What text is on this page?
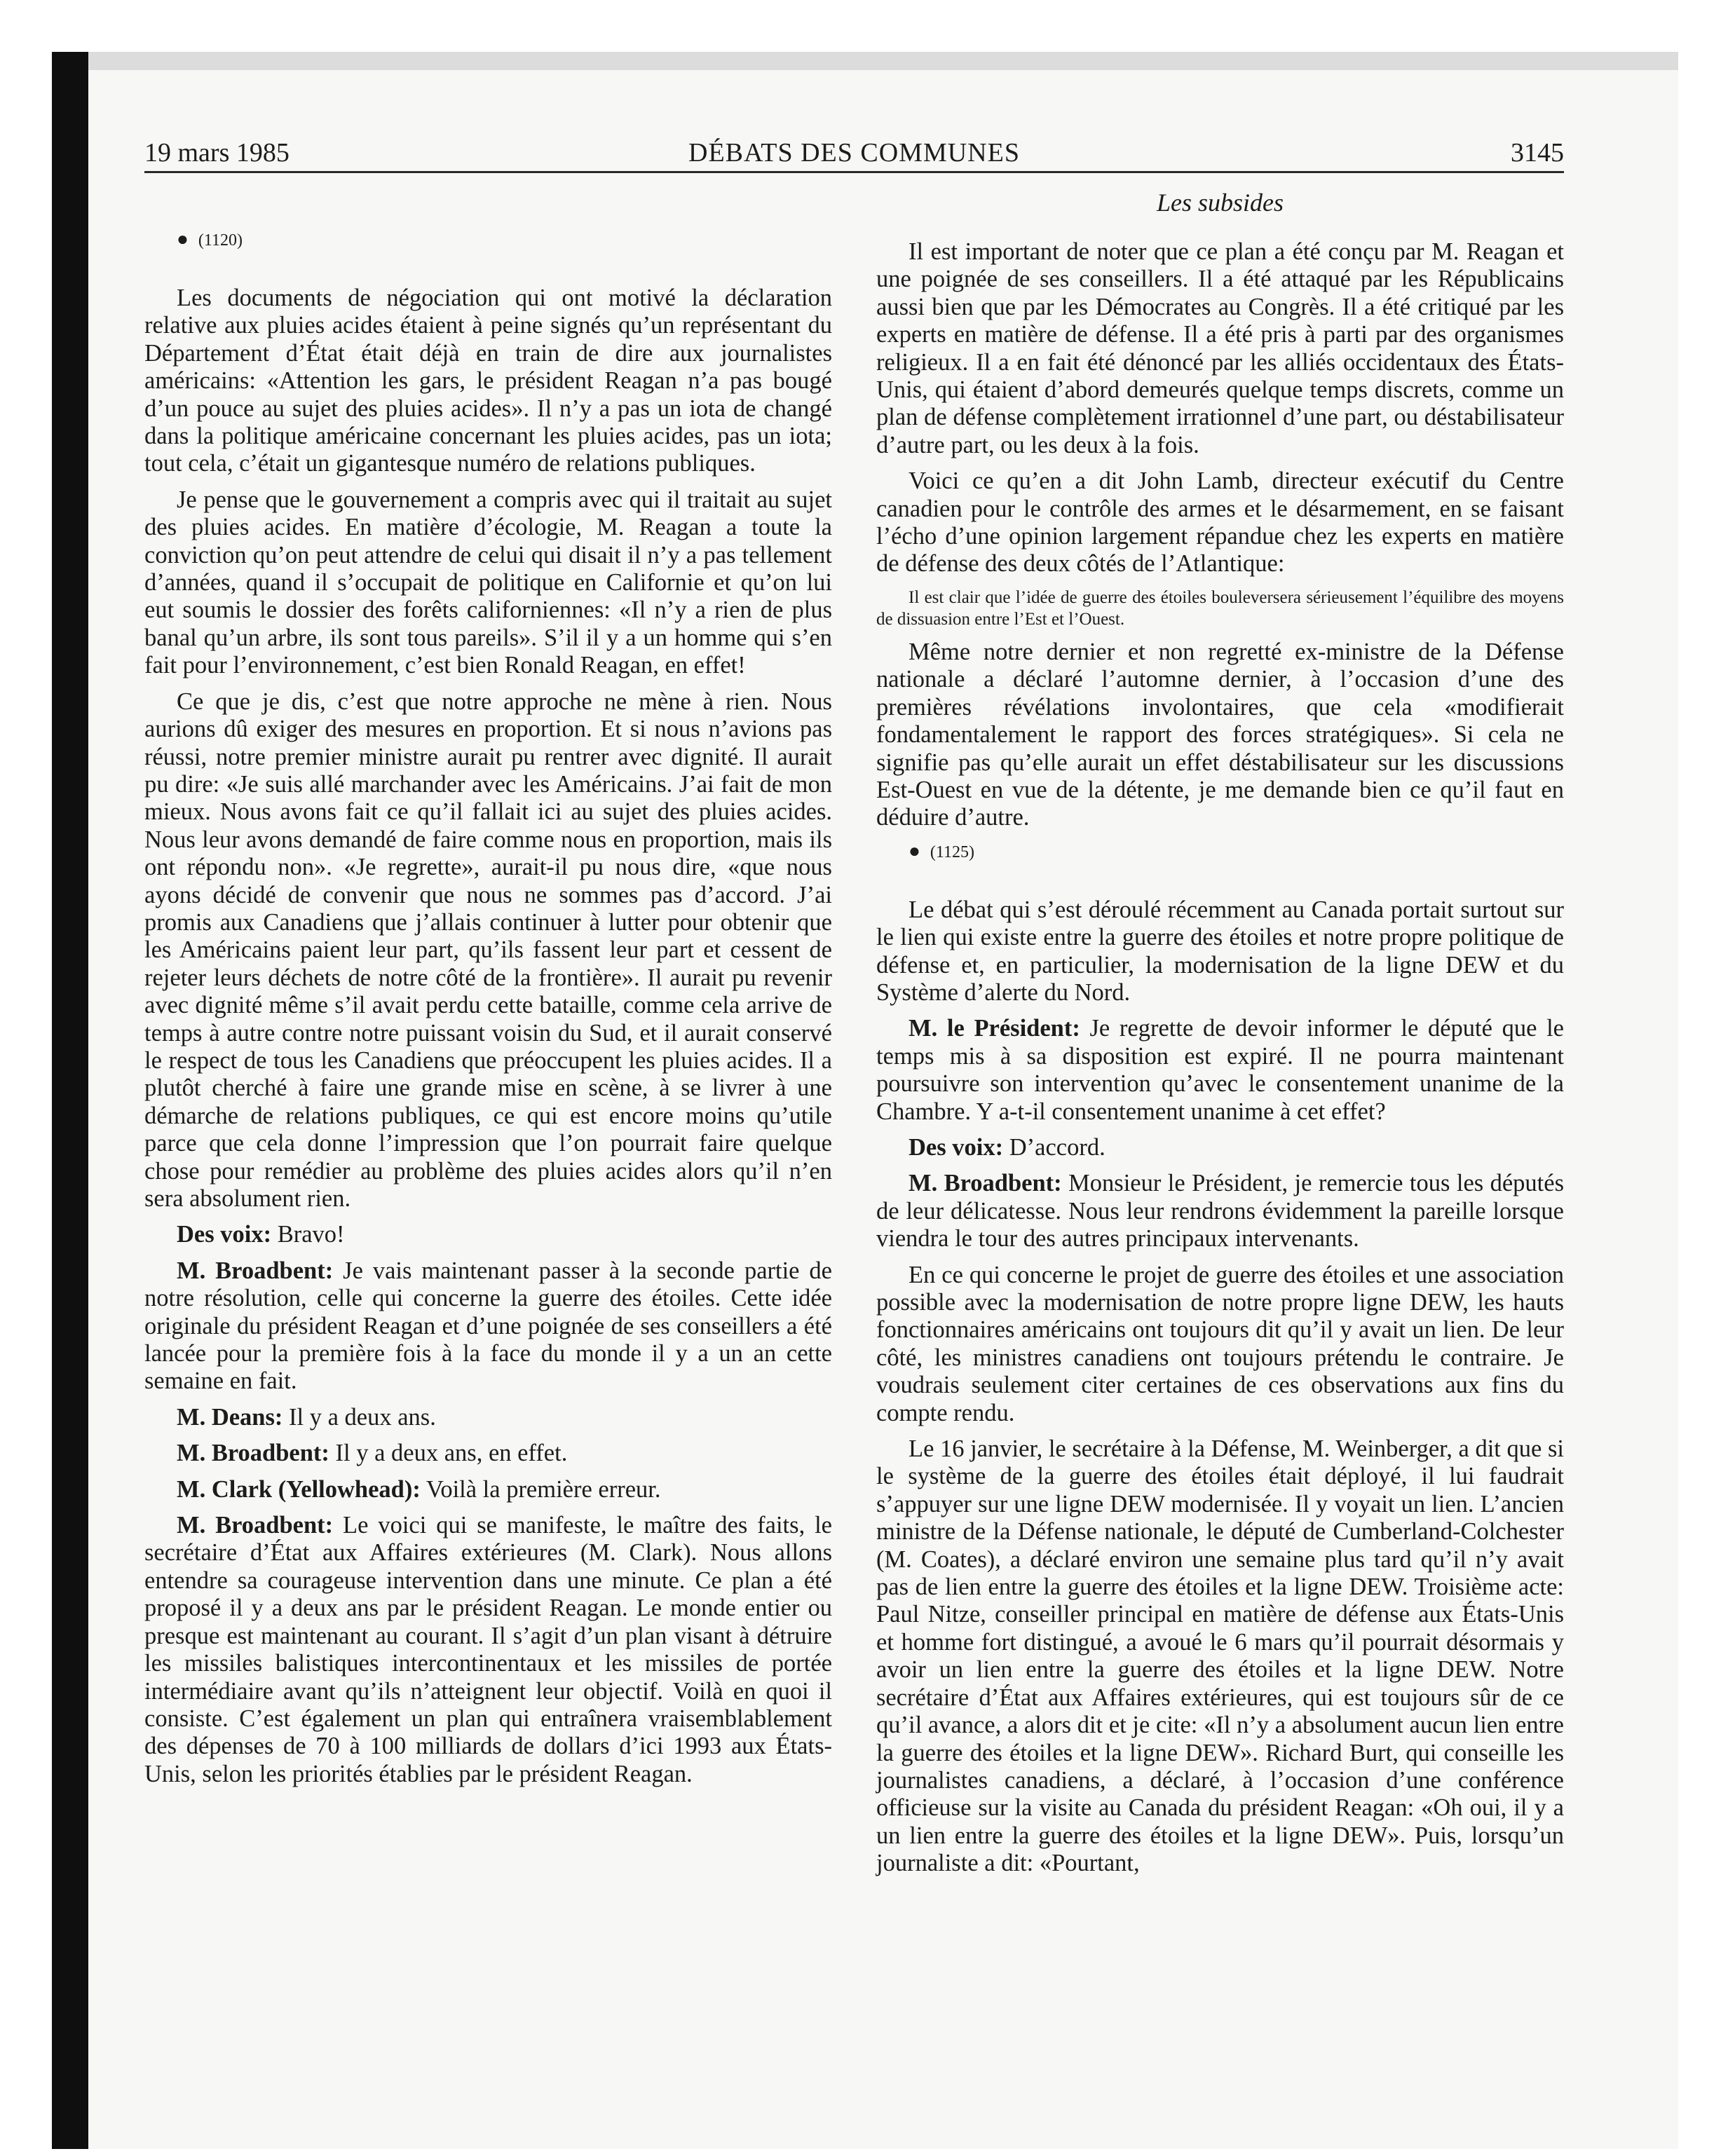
19 mars 1985	DÉBATS DES COMMUNES	3145
Les subsides

● (1120)

Les documents de négociation qui ont motivé la déclaration relative aux pluies acides étaient à peine signés qu’un représentant du Département d’État était déjà en train de dire aux journalistes américains: «Attention les gars, le président Reagan n’a pas bougé d’un pouce au sujet des pluies acides». Il n’y a pas un iota de changé dans la politique américaine concernant les pluies acides, pas un iota; tout cela, c’était un gigantesque numéro de relations publiques.

Je pense que le gouvernement a compris avec qui il traitait au sujet des pluies acides. En matière d’écologie, M. Reagan a toute la conviction qu’on peut attendre de celui qui disait il n’y a pas tellement d’années, quand il s’occupait de politique en Californie et qu’on lui eut soumis le dossier des forêts californiennes: «Il n’y a rien de plus banal qu’un arbre, ils sont tous pareils». S’il il y a un homme qui s’en fait pour l’environnement, c’est bien Ronald Reagan, en effet!

Ce que je dis, c’est que notre approche ne mène à rien. Nous aurions dû exiger des mesures en proportion. Et si nous n’avions pas réussi, notre premier ministre aurait pu rentrer avec dignité. Il aurait pu dire: «Je suis allé marchander avec les Américains. J’ai fait de mon mieux. Nous avons fait ce qu’il fallait ici au sujet des pluies acides. Nous leur avons demandé de faire comme nous en proportion, mais ils ont répondu non». «Je regrette», aurait-il pu nous dire, «que nous ayons décidé de convenir que nous ne sommes pas d’accord. J’ai promis aux Canadiens que j’allais continuer à lutter pour obtenir que les Américains paient leur part, qu’ils fassent leur part et cessent de rejeter leurs déchets de notre côté de la frontière». Il aurait pu revenir avec dignité même s’il avait perdu cette bataille, comme cela arrive de temps à autre contre notre puissant voisin du Sud, et il aurait conservé le respect de tous les Canadiens que préoccupent les pluies acides. Il a plutôt cherché à faire une grande mise en scène, à se livrer à une démarche de relations publiques, ce qui est encore moins qu’utile parce que cela donne l’impression que l’on pourrait faire quelque chose pour remédier au problème des pluies acides alors qu’il n’en sera absolument rien.

Des voix: Bravo!

M. Broadbent: Je vais maintenant passer à la seconde partie de notre résolution, celle qui concerne la guerre des étoiles. Cette idée originale du président Reagan et d’une poignée de ses conseillers a été lancée pour la première fois à la face du monde il y a un an cette semaine en fait.

M. Deans: Il y a deux ans.

M. Broadbent: Il y a deux ans, en effet.

M. Clark (Yellowhead): Voilà la première erreur.

M. Broadbent: Le voici qui se manifeste, le maître des faits, le secrétaire d’État aux Affaires extérieures (M. Clark). Nous allons entendre sa courageuse intervention dans une minute. Ce plan a été proposé il y a deux ans par le président Reagan. Le monde entier ou presque est maintenant au courant. Il s’agit d’un plan visant à détruire les missiles balistiques intercontinentaux et les missiles de portée intermédiaire avant qu’ils n’atteignent leur objectif. Voilà en quoi il consiste. C’est également un plan qui entraînera vraisemblablement des dépenses de 70 à 100 milliards de dollars d’ici 1993 aux États-Unis, selon les priorités établies par le président Reagan.

Il est important de noter que ce plan a été conçu par M. Reagan et une poignée de ses conseillers. Il a été attaqué par les Républicains aussi bien que par les Démocrates au Congrès. Il a été critiqué par les experts en matière de défense. Il a été pris à parti par des organismes religieux. Il a en fait été dénoncé par les alliés occidentaux des États-Unis, qui étaient d’abord demeurés quelque temps discrets, comme un plan de défense complètement irrationnel d’une part, ou déstabilisateur d’autre part, ou les deux à la fois.

Voici ce qu’en a dit John Lamb, directeur exécutif du Centre canadien pour le contrôle des armes et le désarmement, en se faisant l’écho d’une opinion largement répandue chez les experts en matière de défense des deux côtés de l’Atlantique:

Il est clair que l’idée de guerre des étoiles bouleversera sérieusement l’équilibre des moyens de dissuasion entre l’Est et l’Ouest.

Même notre dernier et non regretté ex-ministre de la Défense nationale a déclaré l’automne dernier, à l’occasion d’une des premières révélations involontaires, que cela «modifierait fondamentalement le rapport des forces stratégiques». Si cela ne signifie pas qu’elle aurait un effet déstabilisateur sur les discussions Est-Ouest en vue de la détente, je me demande bien ce qu’il faut en déduire d’autre.

● (1125)

Le débat qui s’est déroulé récemment au Canada portait surtout sur le lien qui existe entre la guerre des étoiles et notre propre politique de défense et, en particulier, la modernisation de la ligne DEW et du Système d’alerte du Nord.

M. le Président: Je regrette de devoir informer le député que le temps mis à sa disposition est expiré. Il ne pourra maintenant poursuivre son intervention qu’avec le consentement unanime de la Chambre. Y a-t-il consentement unanime à cet effet?

Des voix: D’accord.

M. Broadbent: Monsieur le Président, je remercie tous les députés de leur délicatesse. Nous leur rendrons évidemment la pareille lorsque viendra le tour des autres principaux intervenants.

En ce qui concerne le projet de guerre des étoiles et une association possible avec la modernisation de notre propre ligne DEW, les hauts fonctionnaires américains ont toujours dit qu’il y avait un lien. De leur côté, les ministres canadiens ont toujours prétendu le contraire. Je voudrais seulement citer certaines de ces observations aux fins du compte rendu.

Le 16 janvier, le secrétaire à la Défense, M. Weinberger, a dit que si le système de la guerre des étoiles était déployé, il lui faudrait s’appuyer sur une ligne DEW modernisée. Il y voyait un lien. L’ancien ministre de la Défense nationale, le député de Cumberland-Colchester (M. Coates), a déclaré environ une semaine plus tard qu’il n’y avait pas de lien entre la guerre des étoiles et la ligne DEW. Troisième acte: Paul Nitze, conseiller principal en matière de défense aux États-Unis et homme fort distingué, a avoué le 6 mars qu’il pourrait désormais y avoir un lien entre la guerre des étoiles et la ligne DEW. Notre secrétaire d’État aux Affaires extérieures, qui est toujours sûr de ce qu’il avance, a alors dit et je cite: «Il n’y a absolument aucun lien entre la guerre des étoiles et la ligne DEW». Richard Burt, qui conseille les journalistes canadiens, a déclaré, à l’occasion d’une conférence officieuse sur la visite au Canada du président Reagan: «Oh oui, il y a un lien entre la guerre des étoiles et la ligne DEW». Puis, lorsqu’un journaliste a dit: «Pourtant,
